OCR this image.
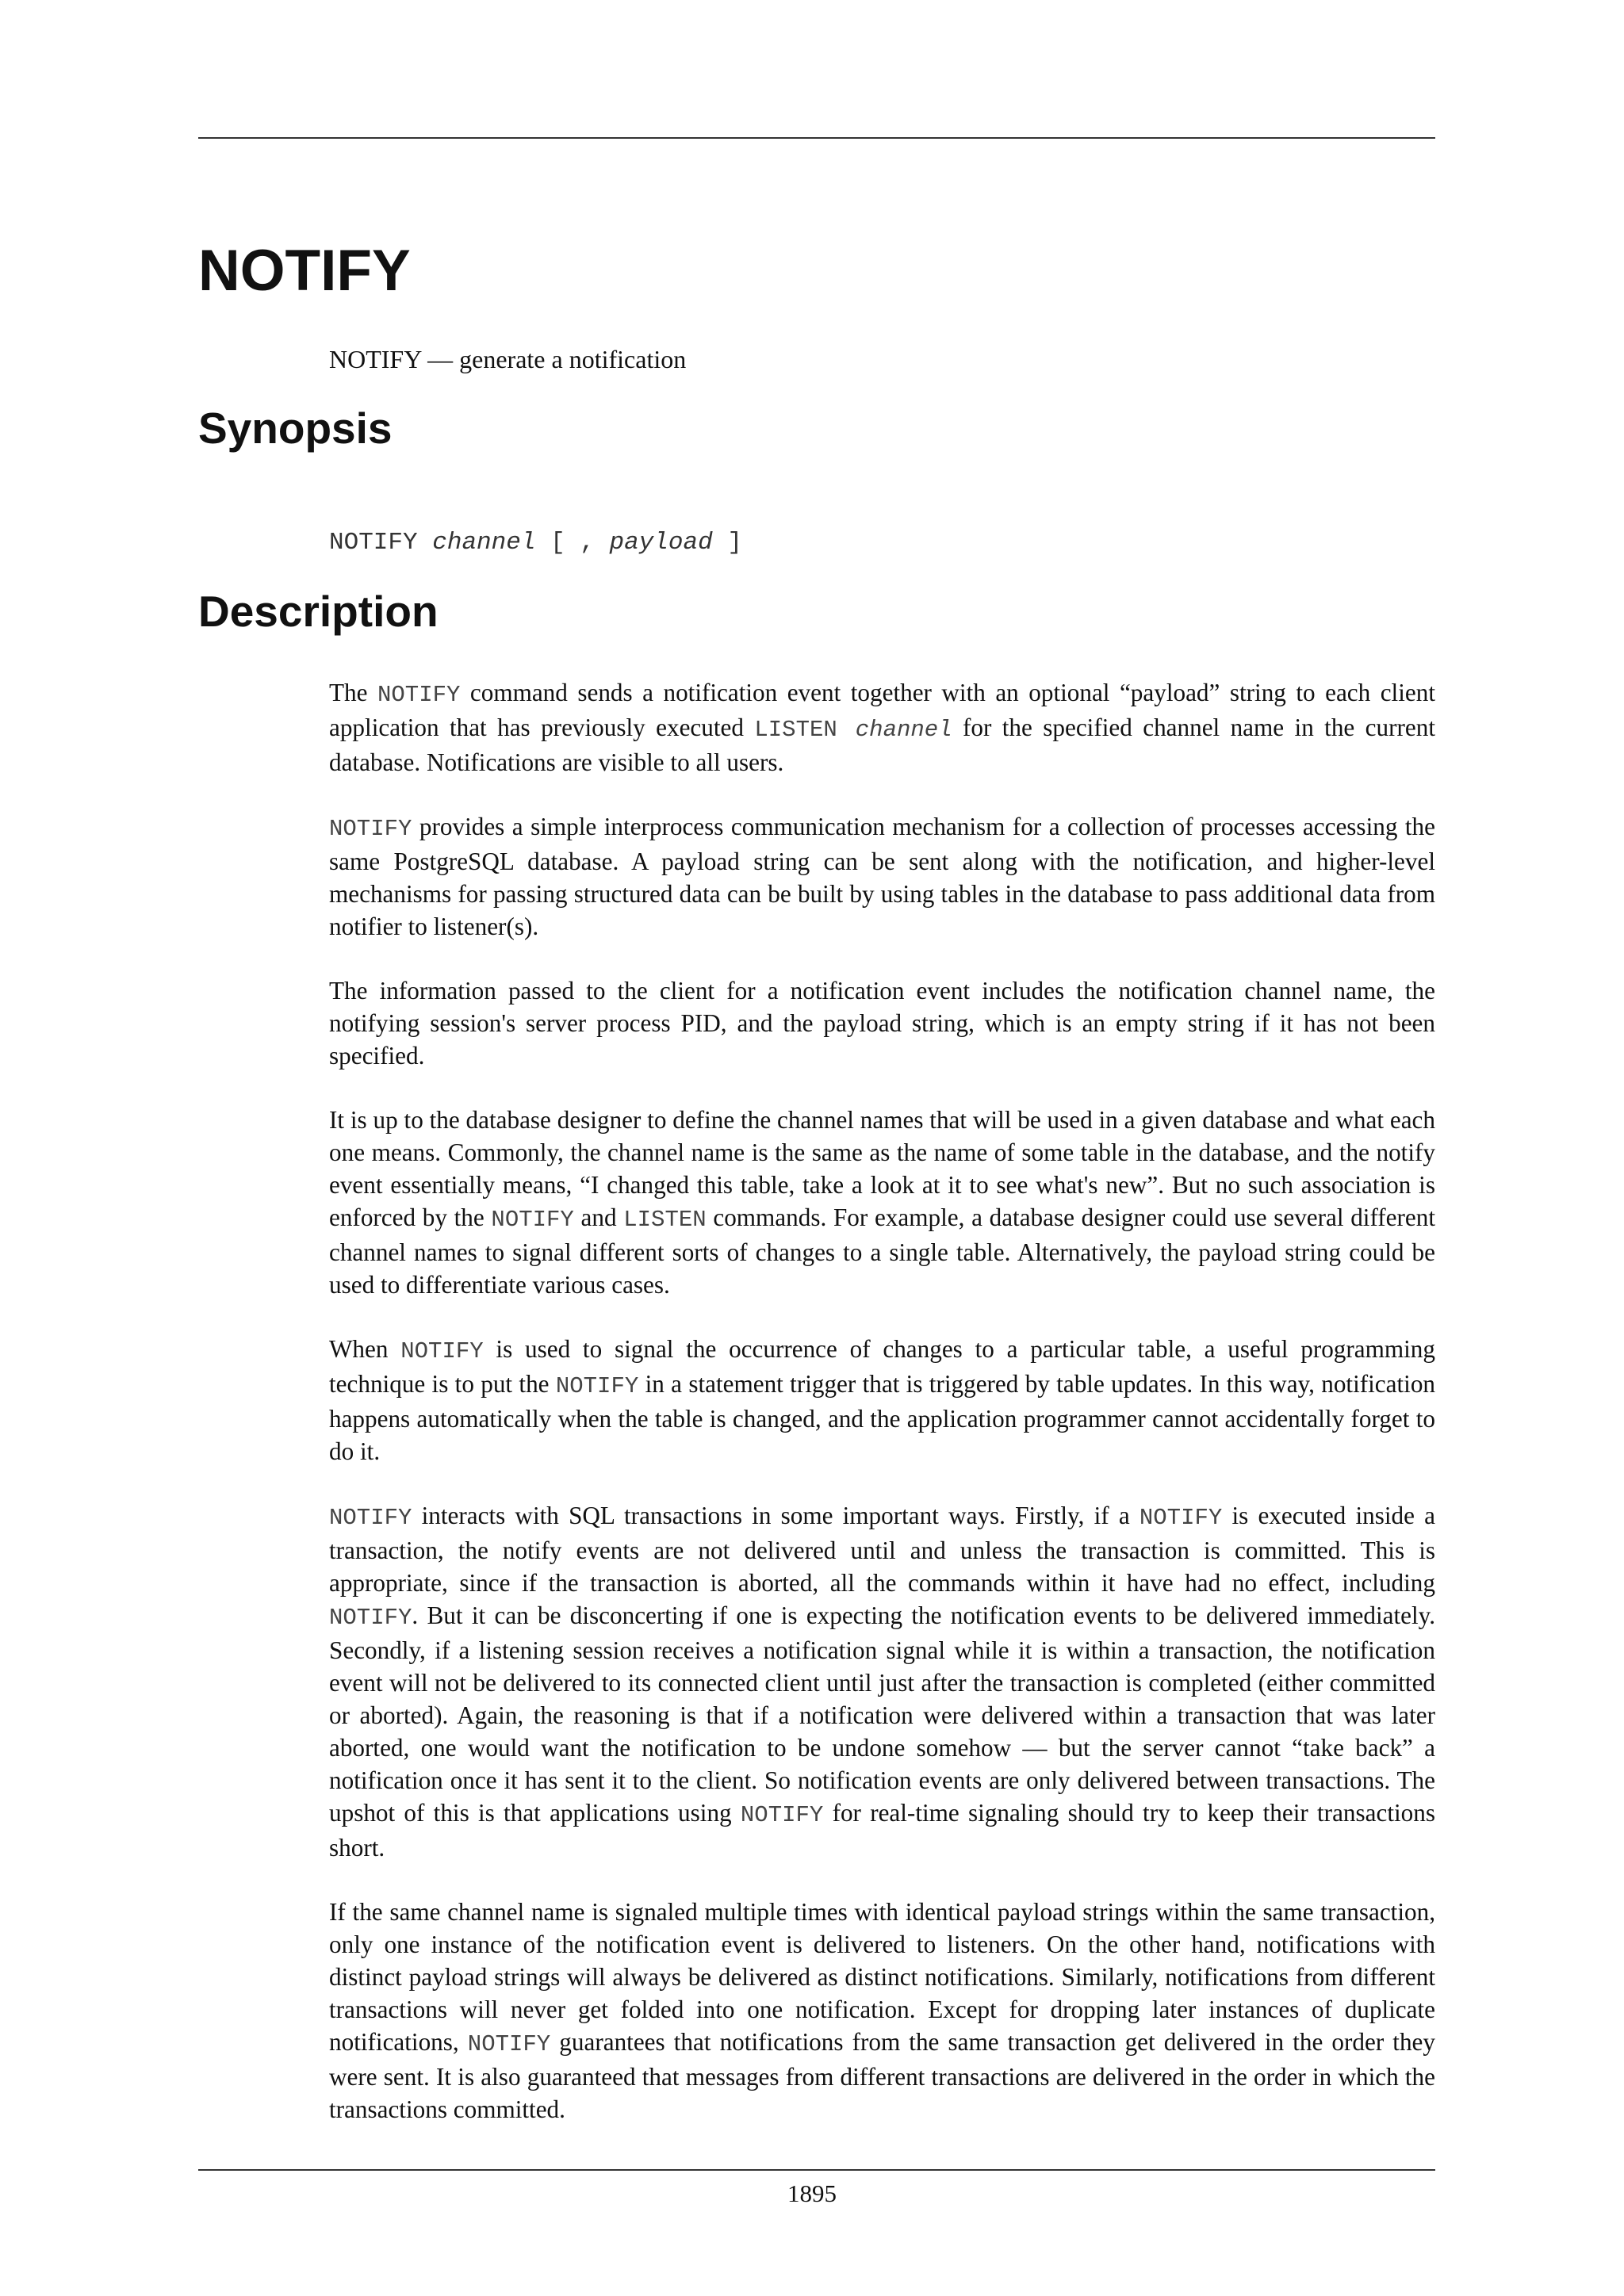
NOTIFY

NOTIFY — generate a notification

Synopsis
NOTIFY channel [ , payload ]
Description

The NOTIFY command sends a notification event together with an optional “payload” string to each client application that has previously executed LISTEN channel for the specified channel name in the current database. Notifications are visible to all users.

NOTIFY provides a simple interprocess communication mechanism for a collection of processes accessing the same PostgreSQL database. A payload string can be sent along with the notification, and higher-level mechanisms for passing structured data can be built by using tables in the database to pass additional data from notifier to listener(s).

The information passed to the client for a notification event includes the notification channel name, the notifying session's server process PID, and the payload string, which is an empty string if it has not been specified.

It is up to the database designer to define the channel names that will be used in a given database and what each one means. Commonly, the channel name is the same as the name of some table in the database, and the notify event essentially means, “I changed this table, take a look at it to see what's new”. But no such association is enforced by the NOTIFY and LISTEN commands. For example, a database designer could use several different channel names to signal different sorts of changes to a single table. Alternatively, the payload string could be used to differentiate various cases.

When NOTIFY is used to signal the occurrence of changes to a particular table, a useful programming technique is to put the NOTIFY in a statement trigger that is triggered by table updates. In this way, notification happens automatically when the table is changed, and the application programmer cannot accidentally forget to do it.

NOTIFY interacts with SQL transactions in some important ways. Firstly, if a NOTIFY is executed inside a transaction, the notify events are not delivered until and unless the transaction is committed. This is appropriate, since if the transaction is aborted, all the commands within it have had no effect, including NOTIFY. But it can be disconcerting if one is expecting the notification events to be delivered immediately. Secondly, if a listening session receives a notification signal while it is within a transaction, the notification event will not be delivered to its connected client until just after the transaction is completed (either committed or aborted). Again, the reasoning is that if a notification were delivered within a transaction that was later aborted, one would want the notification to be undone somehow — but the server cannot “take back” a notification once it has sent it to the client. So notification events are only delivered between transactions. The upshot of this is that applications using NOTIFY for real-time signaling should try to keep their transactions short.

If the same channel name is signaled multiple times with identical payload strings within the same transaction, only one instance of the notification event is delivered to listeners. On the other hand, notifications with distinct payload strings will always be delivered as distinct notifications. Similarly, notifications from different transactions will never get folded into one notification. Except for dropping later instances of duplicate notifications, NOTIFY guarantees that notifications from the same transaction get delivered in the order they were sent. It is also guaranteed that messages from different transactions are delivered in the order in which the transactions committed.

1895
